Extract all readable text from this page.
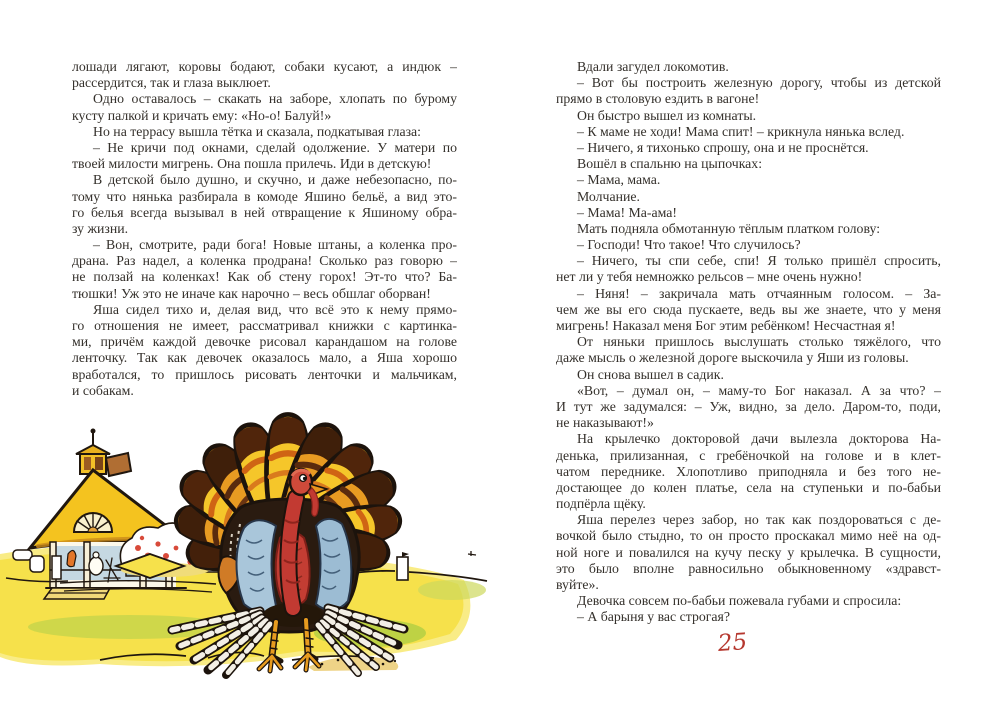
лошади лягают, коровы бодают, собаки кусают, а индюк –
рассердится, так и глаза выклюет.
Одно оставалось – скакать на заборе, хлопать по бурому
кусту палкой и кричать ему: «Но-о! Балуй!»
Но на террасу вышла тётка и сказала, подкатывая глаза:
– Не кричи под окнами, сделай одолжение. У матери по
твоей милости мигрень. Она пошла прилечь. Иди в детскую!
В детской было душно, и скучно, и даже небезопасно, по-
тому что нянька разбирала в комоде Яшино бельё, а вид это-
го белья всегда вызывал в ней отвращение к Яшиному обра-
зу жизни.
– Вон, смотрите, ради бога! Новые штаны, а коленка про-
драна. Раз надел, а коленка продрана! Сколько раз говорю –
не ползай на коленках! Как об стену горох! Эт-то что? Ба-
тюшки! Уж это не иначе как нарочно – весь обшлаг оборван!
Яша сидел тихо и, делая вид, что всё это к нему прямо-
го отношения не имеет, рассматривал книжки с картинка-
ми, причём каждой девочке рисовал карандашом на голове
ленточку. Так как девочек оказалось мало, а Яша хорошо
вработался, то пришлось рисовать ленточки и мальчикам,
и собакам.
Вдали загудел локомотив.
– Вот бы построить железную дорогу, чтобы из детской
прямо в столовую ездить в вагоне!
Он быстро вышел из комнаты.
– К маме не ходи! Мама спит! – крикнула нянька вслед.
– Ничего, я тихонько спрошу, она и не проснётся.
Вошёл в спальню на цыпочках:
– Мама, мама.
Молчание.
– Мама! Ма-ама!
Мать подняла обмотанную тёплым платком голову:
– Господи! Что такое! Что случилось?
– Ничего, ты спи себе, спи! Я только пришёл спросить,
нет ли у тебя немножко рельсов – мне очень нужно!
– Няня! – закричала мать отчаянным голосом. – За-
чем же вы его сюда пускаете, ведь вы же знаете, что у меня
мигрень! Наказал меня Бог этим ребёнком! Несчастная я!
От няньки пришлось выслушать столько тяжёлого, что
даже мысль о железной дороге выскочила у Яши из головы.
Он снова вышел в садик.
«Вот, – думал он, – маму-то Бог наказал. А за что? –
И тут же задумался: – Уж, видно, за дело. Даром-то, поди,
не наказывают!»
На крылечко докторовой дачи вылезла докторова На-
денька, прилизанная, с гребёночкой на голове и в клет-
чатом переднике. Хлопотливо приподняла и без того не-
достающее до колен платье, села на ступеньки и по-бабьи
подпёрла щёку.
Яша перелез через забор, но так как поздороваться с де-
вочкой было стыдно, то он просто проскакал мимо неё на од-
ной ноге и повалился на кучу песку у крылечка. В сущности,
это было вполне равносильно обыкновенному «здравст-
вуйте».
Девочка совсем по-бабьи пожевала губами и спросила:
– А барыня у вас строгая?
25
